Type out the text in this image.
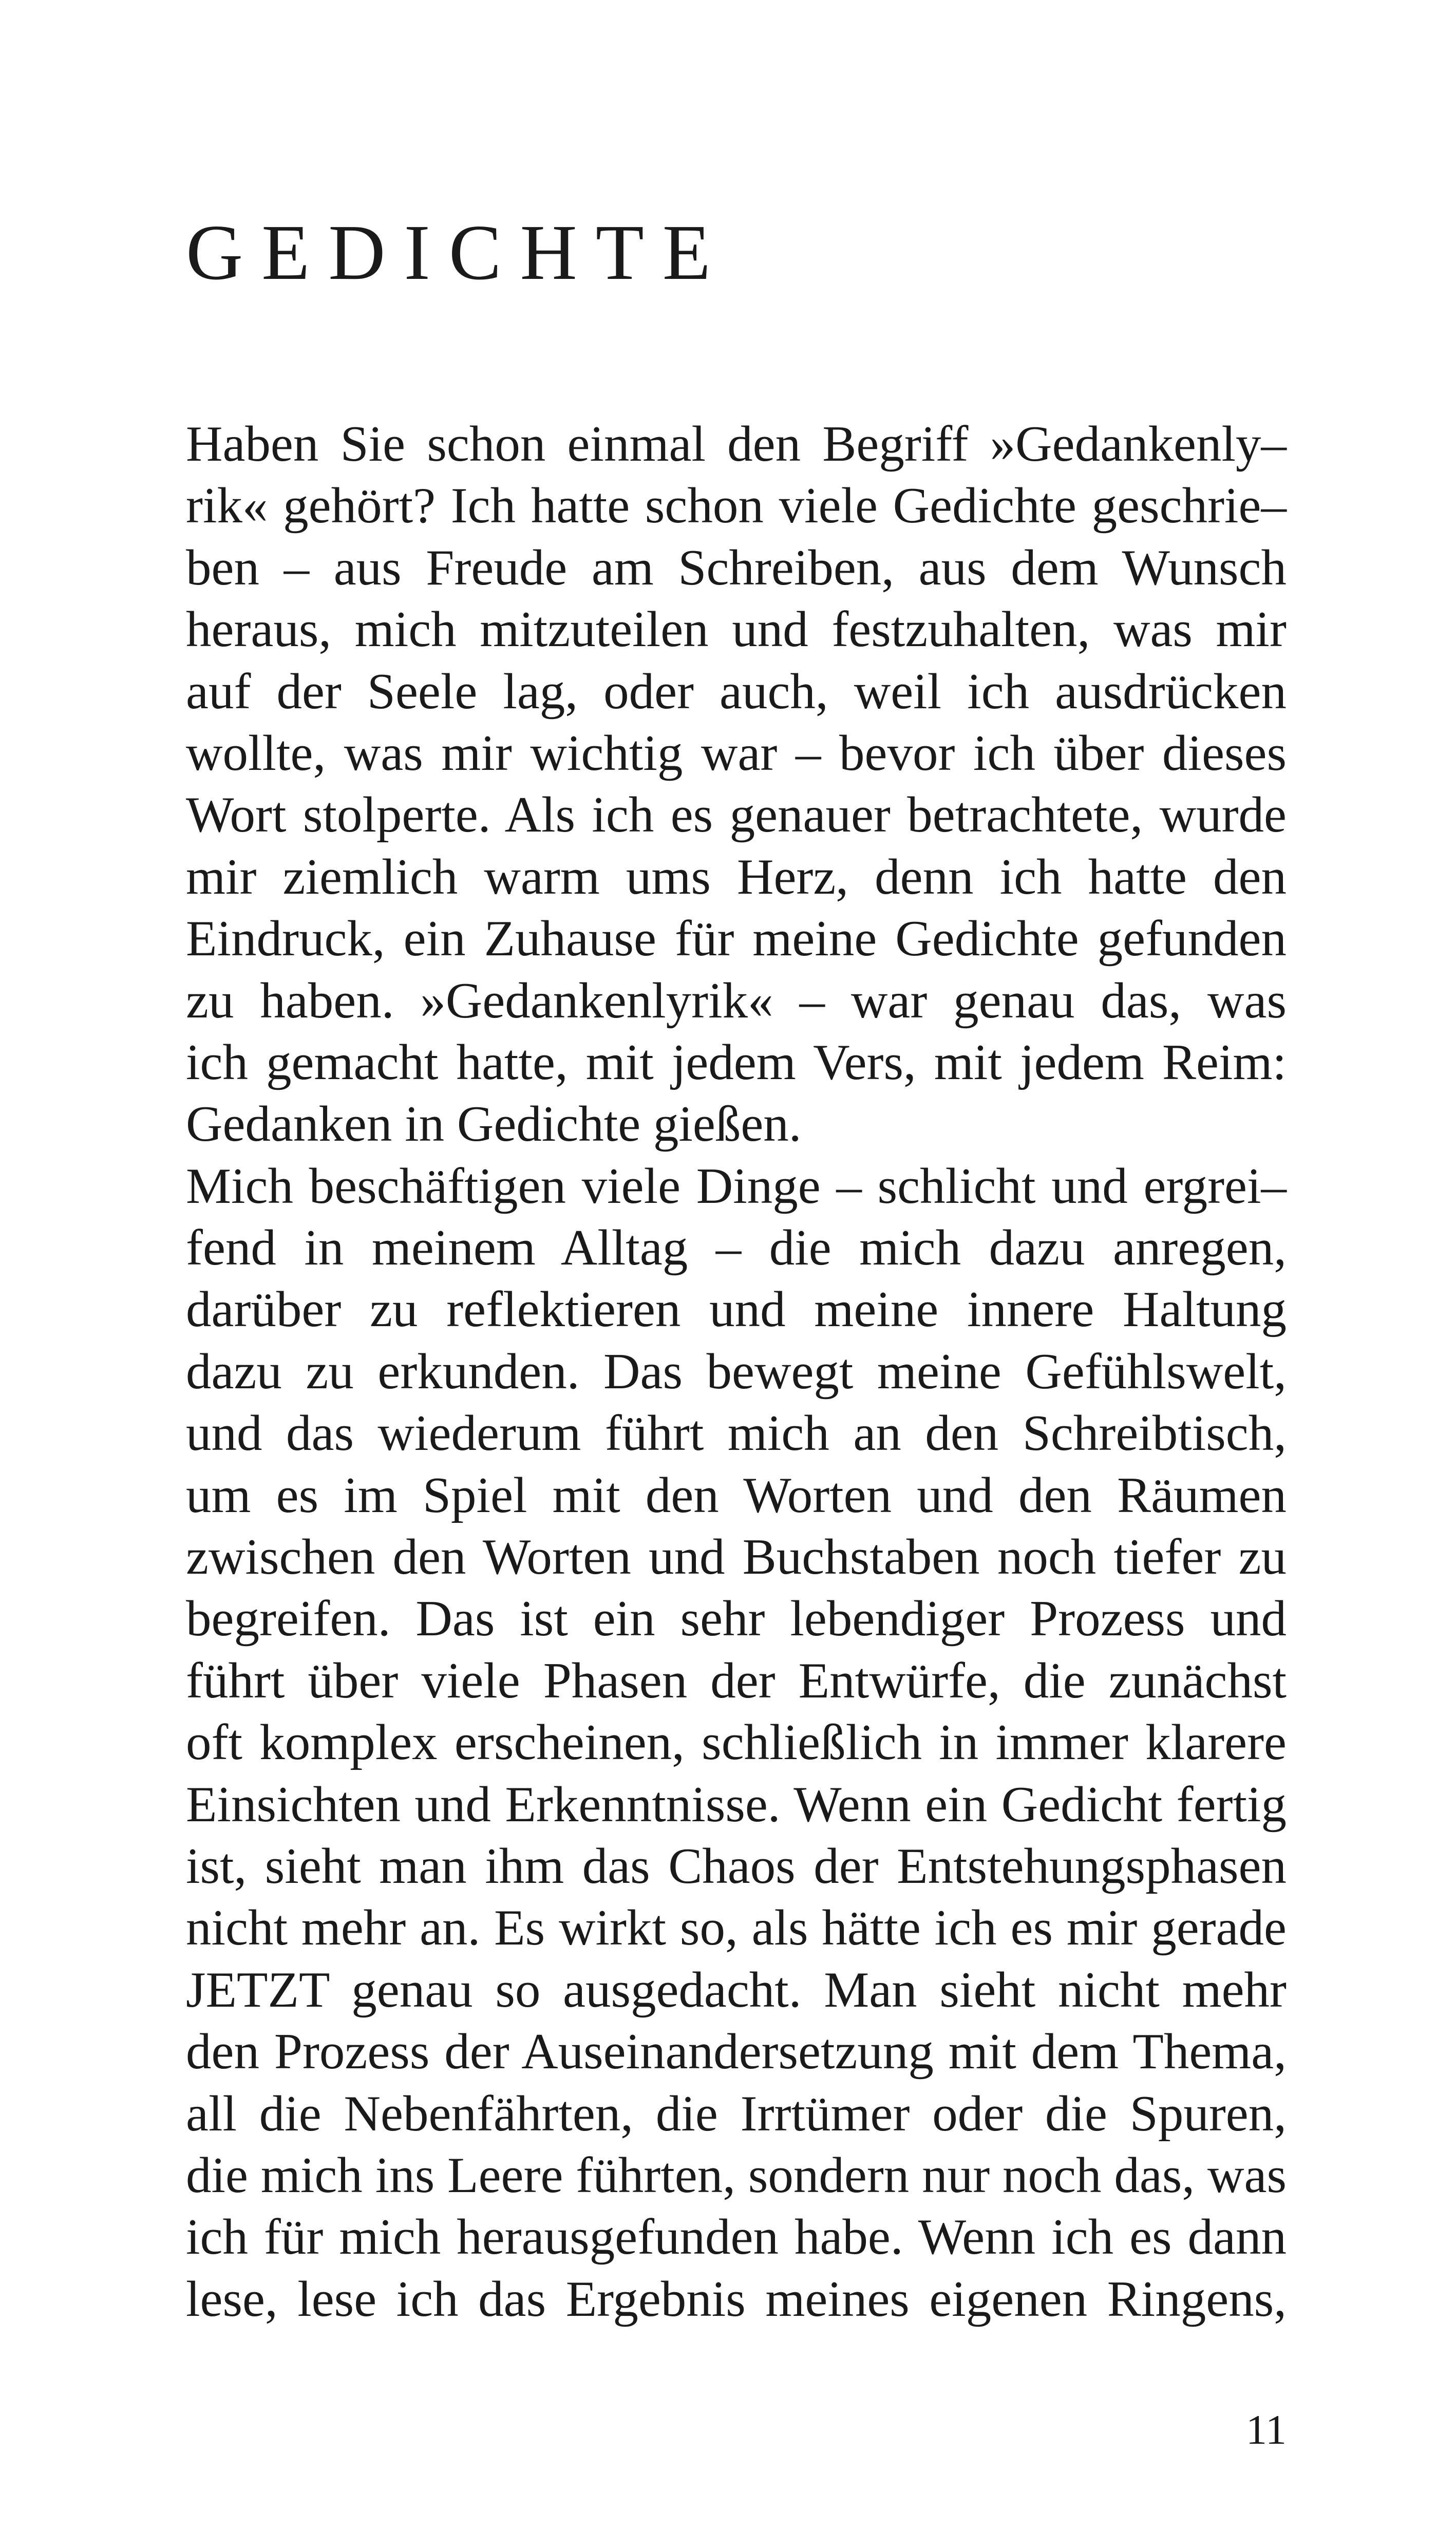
GEDICHTE
Haben Sie schon einmal den Begriff »Gedankenly–
rik« gehört? Ich hatte schon viele Gedichte geschrie–
ben – aus Freude am Schreiben, aus dem Wunsch
heraus, mich mitzuteilen und festzuhalten, was mir
auf der Seele lag, oder auch, weil ich ausdrücken
wollte, was mir wichtig war – bevor ich über dieses
Wort stolperte. Als ich es genauer betrachtete, wurde
mir ziemlich warm ums Herz, denn ich hatte den
Eindruck, ein Zuhause für meine Gedichte gefunden
zu haben. »Gedankenlyrik« – war genau das, was
ich gemacht hatte, mit jedem Vers, mit jedem Reim:
Gedanken in Gedichte gießen.
Mich beschäftigen viele Dinge – schlicht und ergrei–
fend in meinem Alltag – die mich dazu anregen,
darüber zu reflektieren und meine innere Haltung
dazu zu erkunden. Das bewegt meine Gefühlswelt,
und das wiederum führt mich an den Schreibtisch,
um es im Spiel mit den Worten und den Räumen
zwischen den Worten und Buchstaben noch tiefer zu
begreifen. Das ist ein sehr lebendiger Prozess und
führt über viele Phasen der Entwürfe, die zunächst
oft komplex erscheinen, schließlich in immer klarere
Einsichten und Erkenntnisse. Wenn ein Gedicht fertig
ist, sieht man ihm das Chaos der Entstehungsphasen
nicht mehr an. Es wirkt so, als hätte ich es mir gerade
JETZT genau so ausgedacht. Man sieht nicht mehr
den Prozess der Auseinandersetzung mit dem Thema,
all die Nebenfährten, die Irrtümer oder die Spuren,
die mich ins Leere führten, sondern nur noch das, was
ich für mich herausgefunden habe. Wenn ich es dann
lese, lese ich das Ergebnis meines eigenen Ringens,
11
